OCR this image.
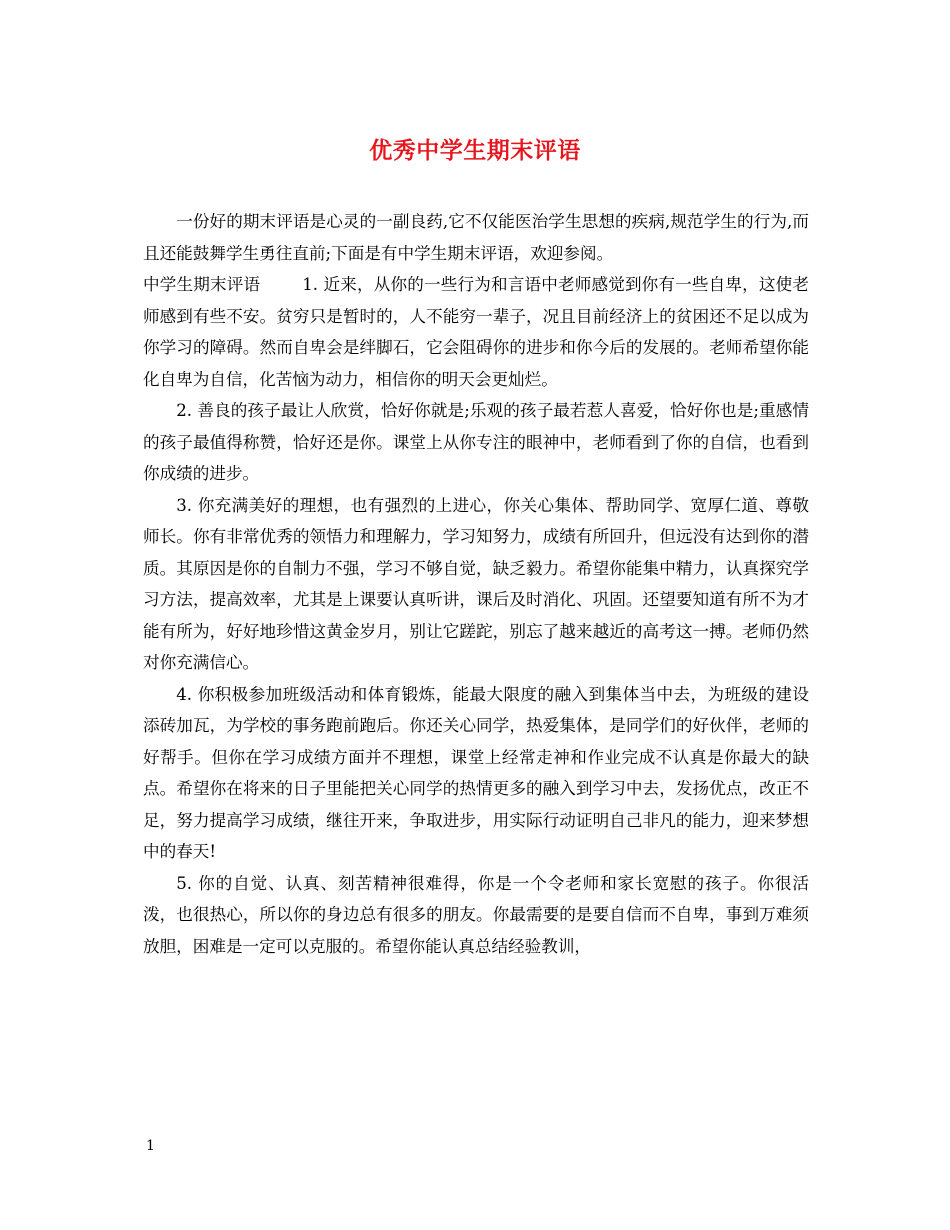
优秀中学生期末评语

一份好的期末评语是心灵的一副良药,它不仅能医治学生思想的疾病,规范学生的行为,而且还能鼓舞学生勇往直前;下面是有中学生期末评语，欢迎参阅。

中学生期末评语	1. 近来，从你的一些行为和言语中老师感觉到你有一些自卑，这使老师感到有些不安。贫穷只是暂时的，人不能穷一辈子，况且目前经济上的贫困还不足以成为你学习的障碍。然而自卑会是绊脚石，它会阻碍你的进步和你今后的发展的。老师希望你能化自卑为自信，化苦恼为动力，相信你的明天会更灿烂。

2. 善良的孩子最让人欣赏，恰好你就是;乐观的孩子最若惹人喜爱，恰好你也是;重感情的孩子最值得称赞，恰好还是你。课堂上从你专注的眼神中，老师看到了你的自信，也看到你成绩的进步。

3. 你充满美好的理想，也有强烈的上进心，你关心集体、帮助同学、宽厚仁道、尊敬师长。你有非常优秀的领悟力和理解力，学习知努力，成绩有所回升，但远没有达到你的潜质。其原因是你的自制力不强，学习不够自觉，缺乏毅力。希望你能集中精力，认真探究学习方法，提高效率，尤其是上课要认真听讲，课后及时消化、巩固。还望要知道有所不为才能有所为，好好地珍惜这黄金岁月，别让它蹉跎，别忘了越来越近的高考这一搏。老师仍然对你充满信心。

4. 你积极参加班级活动和体育锻炼，能最大限度的融入到集体当中去，为班级的建设添砖加瓦，为学校的事务跑前跑后。你还关心同学，热爱集体，是同学们的好伙伴，老师的好帮手。但你在学习成绩方面并不理想，课堂上经常走神和作业完成不认真是你最大的缺点。希望你在将来的日子里能把关心同学的热情更多的融入到学习中去，发扬优点，改正不足，努力提高学习成绩，继往开来，争取进步，用实际行动证明自己非凡的能力，迎来梦想中的春天!

5. 你的自觉、认真、刻苦精神很难得，你是一个令老师和家长宽慰的孩子。你很活泼，也很热心，所以你的身边总有很多的朋友。你最需要的是要自信而不自卑，事到万难须放胆，困难是一定可以克服的。希望你能认真总结经验教训，

1
